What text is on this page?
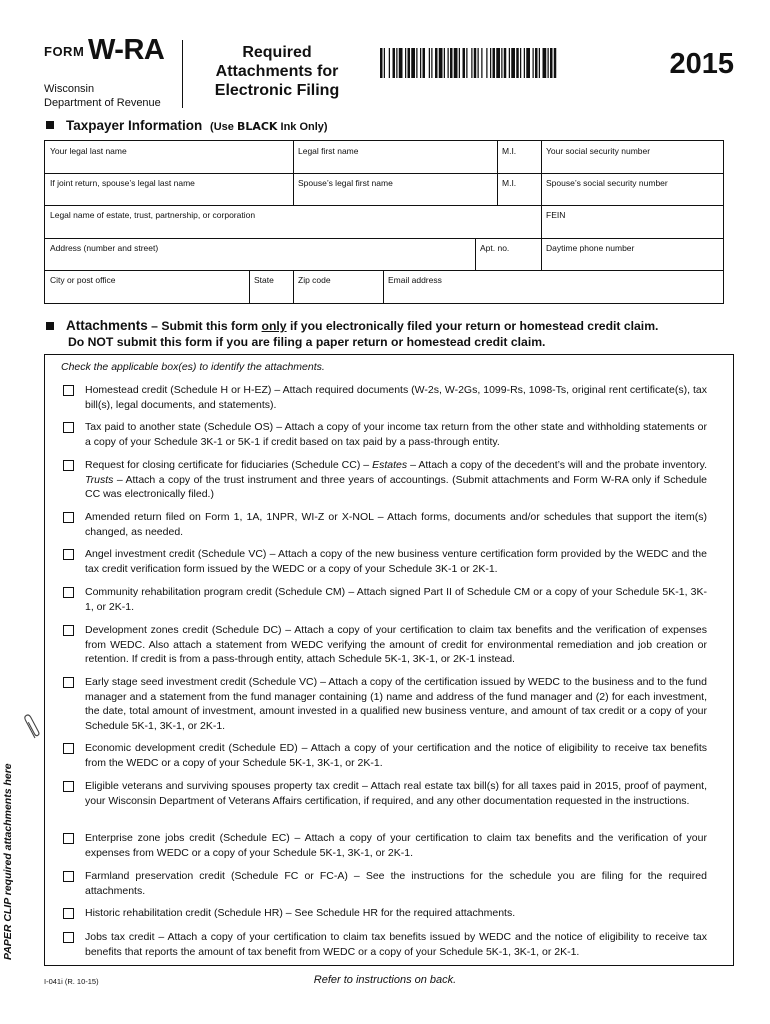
FORM W-RA
Wisconsin
Department of Revenue
Required
Attachments for
Electronic Filing
2015
Taxpayer Information (Use BLACK Ink Only)
Your legal last name	Legal first name	M.I.	Your social security number
If joint return, spouse’s legal last name	Spouse’s legal first name	M.I.	Spouse’s social security number
Legal name of estate, trust, partnership, or corporation	FEIN
Address (number and street)	Apt. no.	Daytime phone number
City or post office	State	Zip code	Email address
Attachments – Submit this form only if you electronically filed your return or homestead credit claim.
Do NOT submit this form if you are filing a paper return or homestead credit claim.
Check the applicable box(es) to identify the attachments.
Homestead credit (Schedule H or H-EZ) – Attach required documents (W-2s, W-2Gs, 1099-Rs, 1098-Ts, original rent certificate(s), tax bill(s), legal documents, and statements).
Tax paid to another state (Schedule OS) – Attach a copy of your income tax return from the other state and withholding statements or a copy of your Schedule 3K-1 or 5K-1 if credit based on tax paid by a pass-through entity.
Request for closing certificate for fiduciaries (Schedule CC) – Estates – Attach a copy of the decedent’s will and the probate inventory. Trusts – Attach a copy of the trust instrument and three years of accountings. (Submit attachments and Form W-RA only if Schedule CC was electronically filed.)
Amended return filed on Form 1, 1A, 1NPR, WI-Z or X-NOL – Attach forms, documents and/or schedules that support the item(s) changed, as needed.
Angel investment credit (Schedule VC) – Attach a copy of the new business venture certification form provided by the WEDC and the tax credit verification form issued by the WEDC or a copy of your Schedule 3K-1 or 2K-1.
Community rehabilitation program credit (Schedule CM) – Attach signed Part II of Schedule CM or a copy of your Schedule 5K-1, 3K-1, or 2K-1.
Development zones credit (Schedule DC) – Attach a copy of your certification to claim tax benefits and the verification of expenses from WEDC. Also attach a statement from WEDC verifying the amount of credit for environmental remediation and job creation or retention. If credit is from a pass-through entity, attach Schedule 5K-1, 3K-1, or 2K-1 instead.
Early stage seed investment credit (Schedule VC) – Attach a copy of the certification issued by WEDC to the business and to the fund manager and a statement from the fund manager containing (1) name and address of the fund manager and (2) for each investment, the date, total amount of investment, amount invested in a qualified new business venture, and amount of tax credit or a copy of your Schedule 5K-1, 3K-1, or 2K-1.
Economic development credit (Schedule ED) – Attach a copy of your certification and the notice of eligibility to receive tax benefits from the WEDC or a copy of your Schedule 5K-1, 3K-1, or 2K-1.
Eligible veterans and surviving spouses property tax credit – Attach real estate tax bill(s) for all taxes paid in 2015, proof of payment, your Wisconsin Department of Veterans Affairs certification, if required, and any other documentation requested in the instructions.
Enterprise zone jobs credit (Schedule EC) – Attach a copy of your certification to claim tax benefits and the verification of your expenses from WEDC or a copy of your Schedule 5K-1, 3K-1, or 2K-1.
Farmland preservation credit (Schedule FC or FC-A) – See the instructions for the schedule you are filing for the required attachments.
Historic rehabilitation credit (Schedule HR) – See Schedule HR for the required attachments.
Jobs tax credit – Attach a copy of your certification to claim tax benefits issued by WEDC and the notice of eligibility to receive tax benefits that reports the amount of tax benefit from WEDC or a copy of your Schedule 5K-1, 3K-1, or 2K-1.
PAPER CLIP required attachments here
I-041i (R. 10-15)	Refer to instructions on back.
